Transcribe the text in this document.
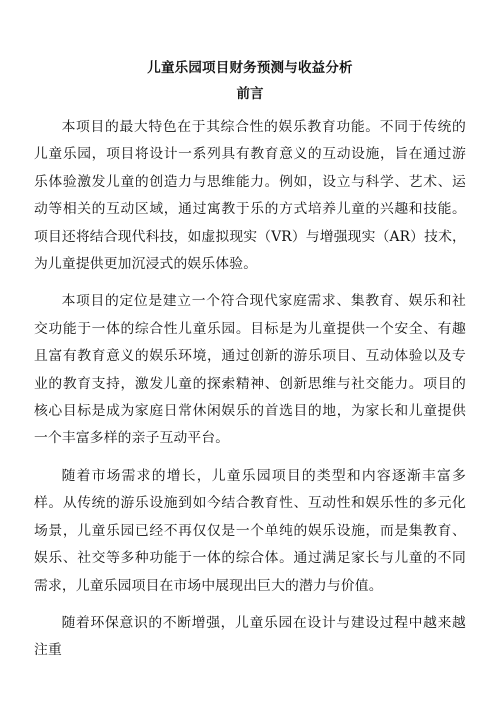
儿童乐园项目财务预测与收益分析
前言

本项目的最大特色在于其综合性的娱乐教育功能。不同于传统的儿童乐园，项目将设计一系列具有教育意义的互动设施，旨在通过游乐体验激发儿童的创造力与思维能力。例如，设立与科学、艺术、运动等相关的互动区域，通过寓教于乐的方式培养儿童的兴趣和技能。项目还将结合现代科技，如虚拟现实（VR）与增强现实（AR）技术，为儿童提供更加沉浸式的娱乐体验。

本项目的定位是建立一个符合现代家庭需求、集教育、娱乐和社交功能于一体的综合性儿童乐园。目标是为儿童提供一个安全、有趣且富有教育意义的娱乐环境，通过创新的游乐项目、互动体验以及专业的教育支持，激发儿童的探索精神、创新思维与社交能力。项目的核心目标是成为家庭日常休闲娱乐的首选目的地，为家长和儿童提供一个丰富多样的亲子互动平台。

随着市场需求的增长，儿童乐园项目的类型和内容逐渐丰富多样。从传统的游乐设施到如今结合教育性、互动性和娱乐性的多元化场景，儿童乐园已经不再仅仅是一个单纯的娱乐设施，而是集教育、娱乐、社交等多种功能于一体的综合体。通过满足家长与儿童的不同需求，儿童乐园项目在市场中展现出巨大的潜力与价值。

随着环保意识的不断增强，儿童乐园在设计与建设过程中越来越注重
